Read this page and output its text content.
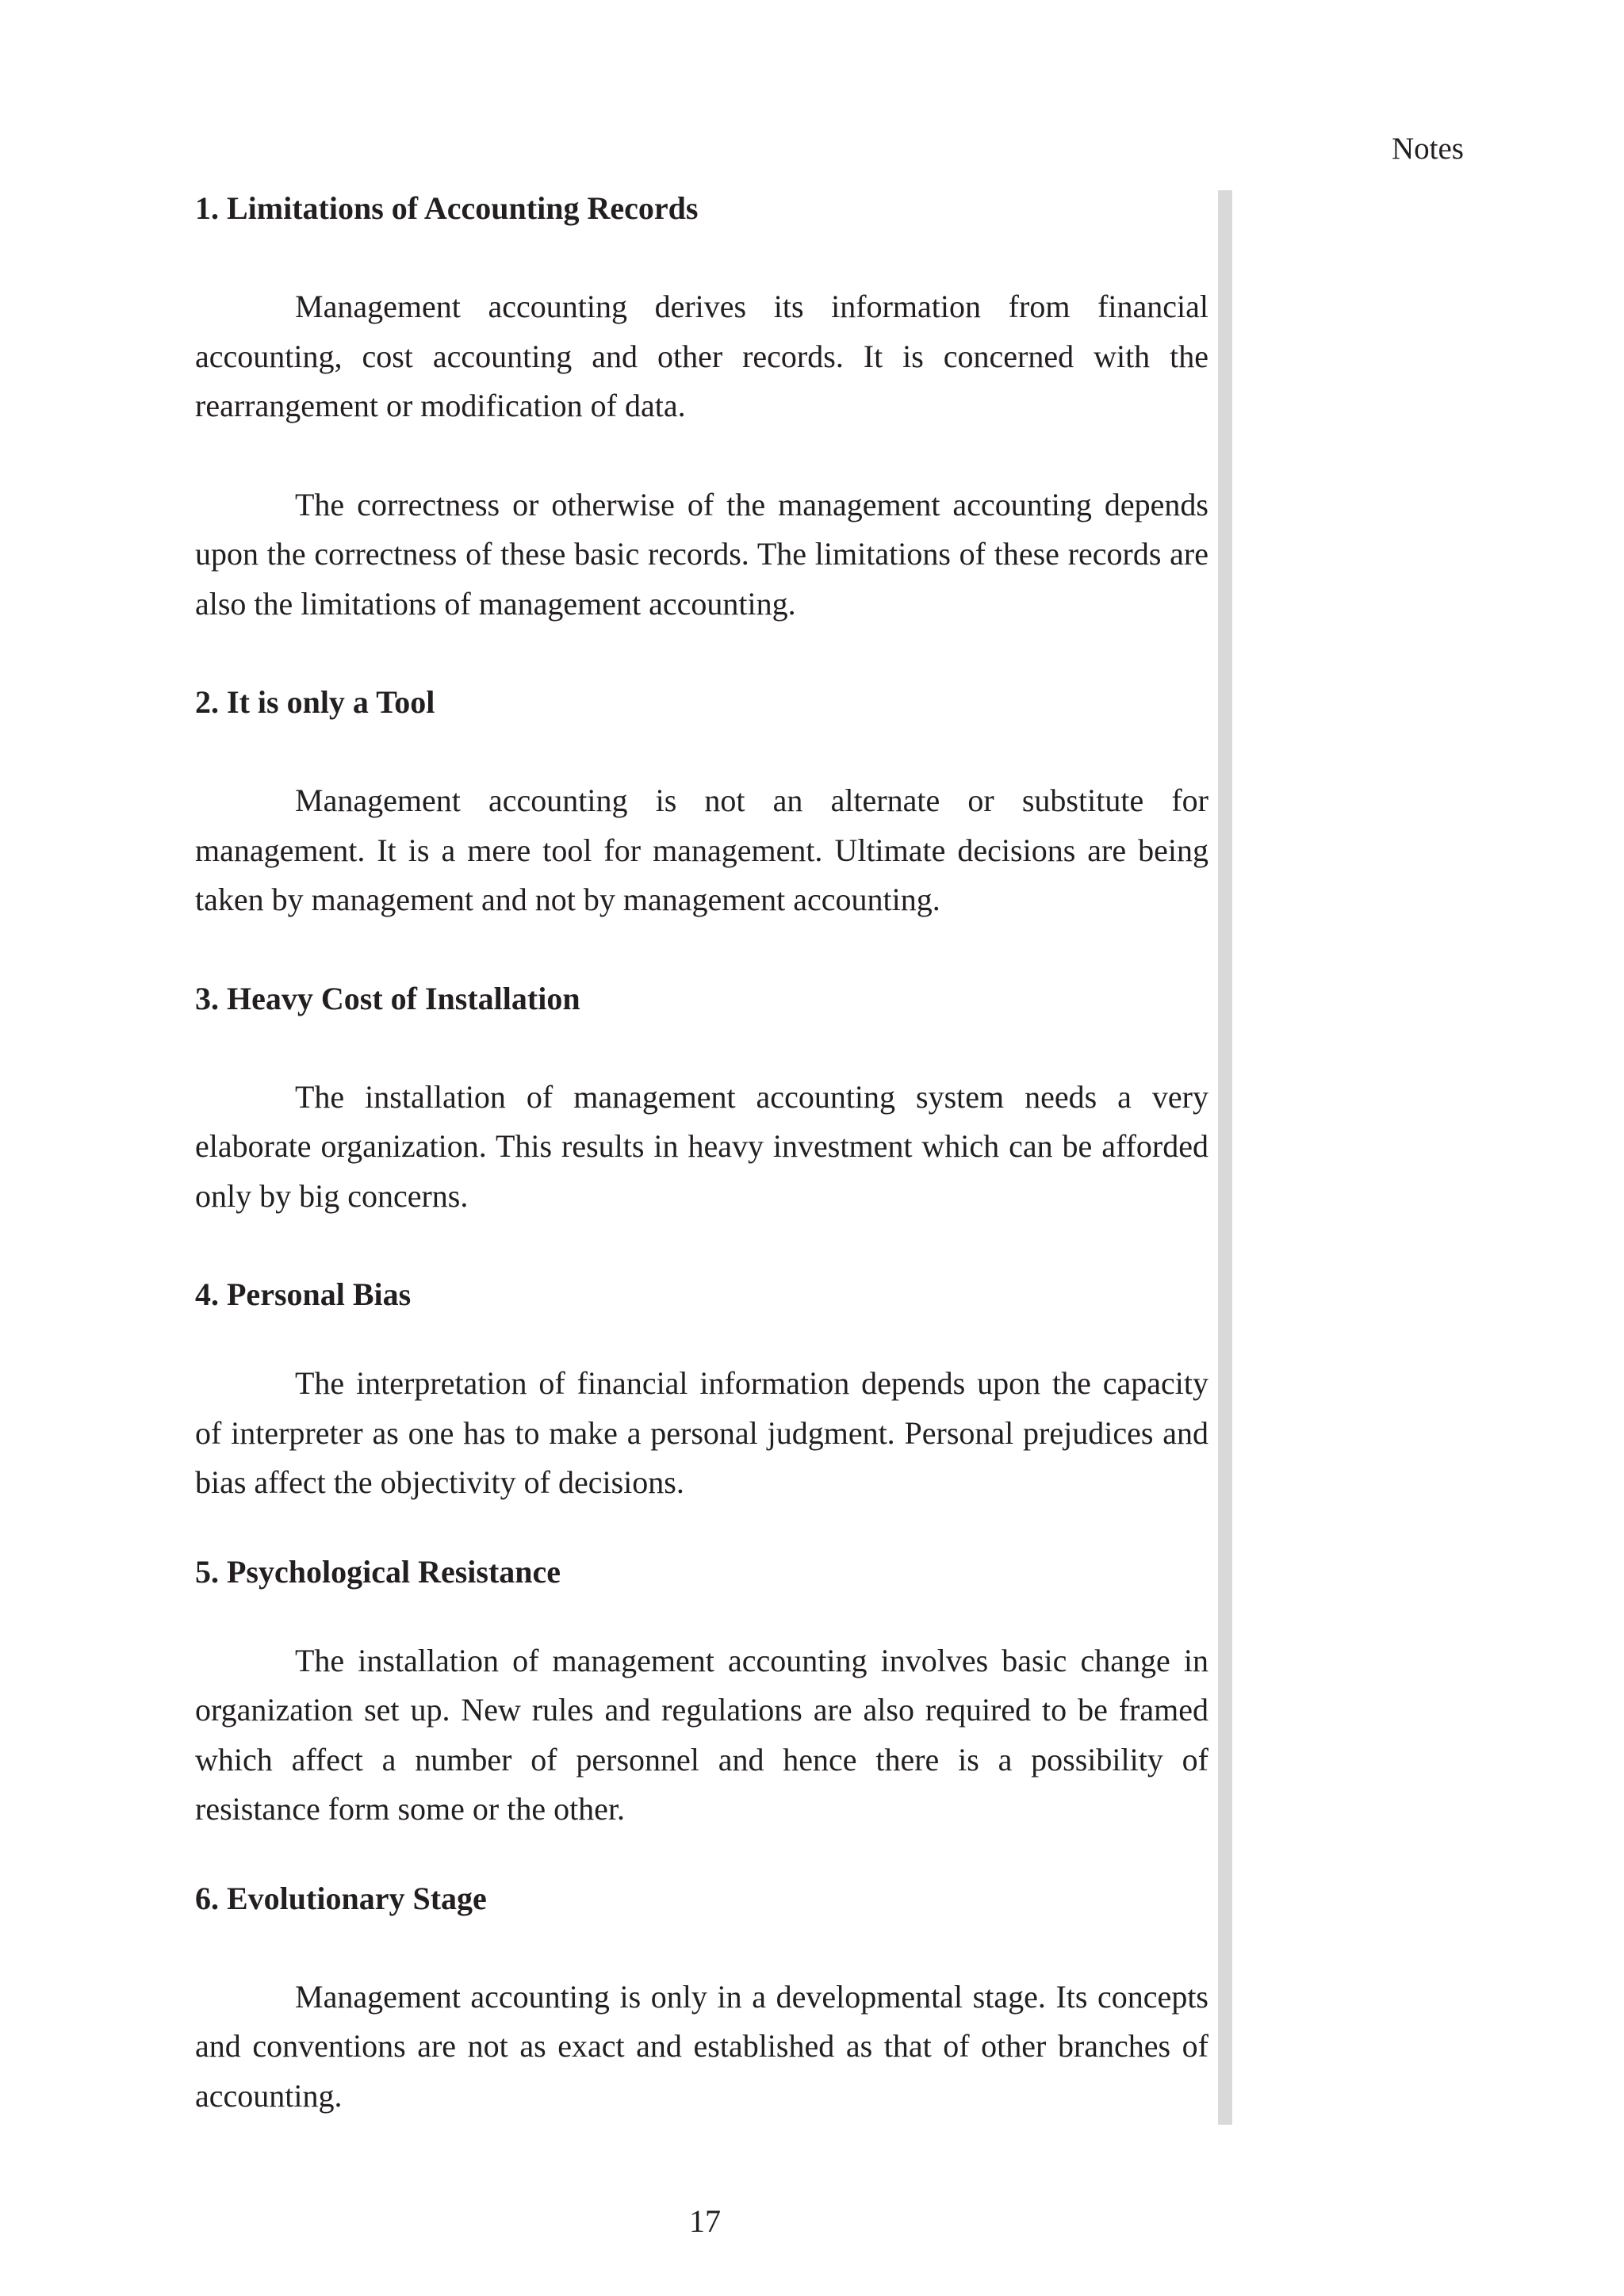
Notes
1. Limitations of Accounting Records

Management accounting derives its information from financial accounting, cost accounting and other records. It is concerned with the rearrangement or modification of data.

The correctness or otherwise of the management accounting depends upon the correctness of these basic records. The limitations of these records are also the limitations of management accounting.

2. It is only a Tool

Management accounting is not an alternate or substitute for management. It is a mere tool for management. Ultimate decisions are being taken by management and not by management accounting.

3. Heavy Cost of Installation

The installation of management accounting system needs a very elaborate organization. This results in heavy investment which can be afforded only by big concerns.

4. Personal Bias

The interpretation of financial information depends upon the capacity of interpreter as one has to make a personal judgment. Personal prejudices and bias affect the objectivity of decisions.

5. Psychological Resistance

The installation of management accounting involves basic change in organization set up. New rules and regulations are also required to be framed which affect a number of personnel and hence there is a possibility of resistance form some or the other.

6. Evolutionary Stage

Management accounting is only in a developmental stage. Its concepts and conventions are not as exact and established as that of other branches of accounting.

17
